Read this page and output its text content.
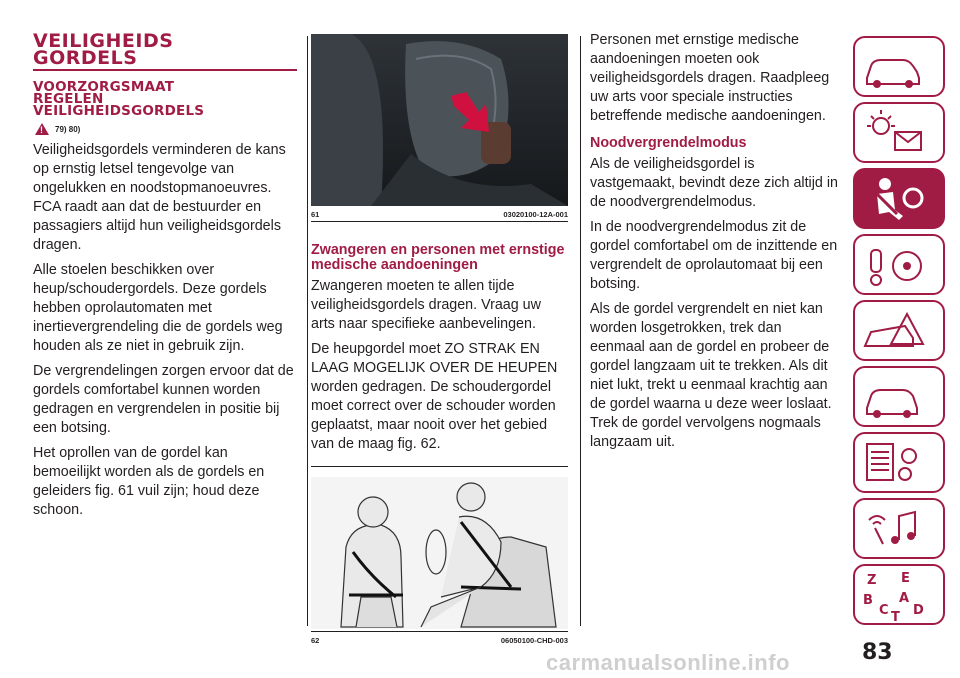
VEILIGHEIDS
GORDELS
VOORZORGSMAAT
REGELEN
VEILIGHEIDSGORDELS
! 79) 80)

Veiligheidsgordels verminderen de kans op ernstig letsel tengevolge van ongelukken en noodstopmanoeuvres. FCA raadt aan dat de bestuurder en passagiers altijd hun veiligheidsgordels dragen.

Alle stoelen beschikken over heup/schoudergordels. Deze gordels hebben oprolautomaten met inertievergrendeling die de gordels weg houden als ze niet in gebruik zijn.

De vergrendelingen zorgen ervoor dat de gordels comfortabel kunnen worden gedragen en vergrendelen in positie bij een botsing.

Het oprollen van de gordel kan bemoeilijkt worden als de gordels en geleiders fig. 61 vuil zijn; houd deze schoon.

61	03020100-12A-001
Zwangeren en personen met ernstige medische aandoeningen

Zwangeren moeten te allen tijde veiligheidsgordels dragen. Vraag uw arts naar specifieke aanbevelingen.

De heupgordel moet ZO STRAK EN LAAG MOGELIJK OVER DE HEUPEN worden gedragen. De schoudergordel moet correct over de schouder worden geplaatst, maar nooit over het gebied van de maag fig. 62.

62	06050100-CHD-003

Personen met ernstige medische aandoeningen moeten ook veiligheidsgordels dragen. Raadpleeg uw arts voor speciale instructies betreffende medische aandoeningen.

Noodvergrendelmodus

Als de veiligheidsgordel is vastgemaakt, bevindt deze zich altijd in de noodvergrendelmodus.

In de noodvergrendelmodus zit de gordel comfortabel om de inzittende en vergrendelt de oprolautomaat bij een botsing.

Als de gordel vergrendelt en niet kan worden losgetrokken, trek dan eenmaal aan de gordel en probeer de gordel langzaam uit te trekken. Als dit niet lukt, trekt u eenmaal krachtig aan de gordel waarna u deze weer loslaat. Trek de gordel vervolgens nogmaals langzaam uit.

Z E
B A
C D
T
83
carmanualsonline.info
